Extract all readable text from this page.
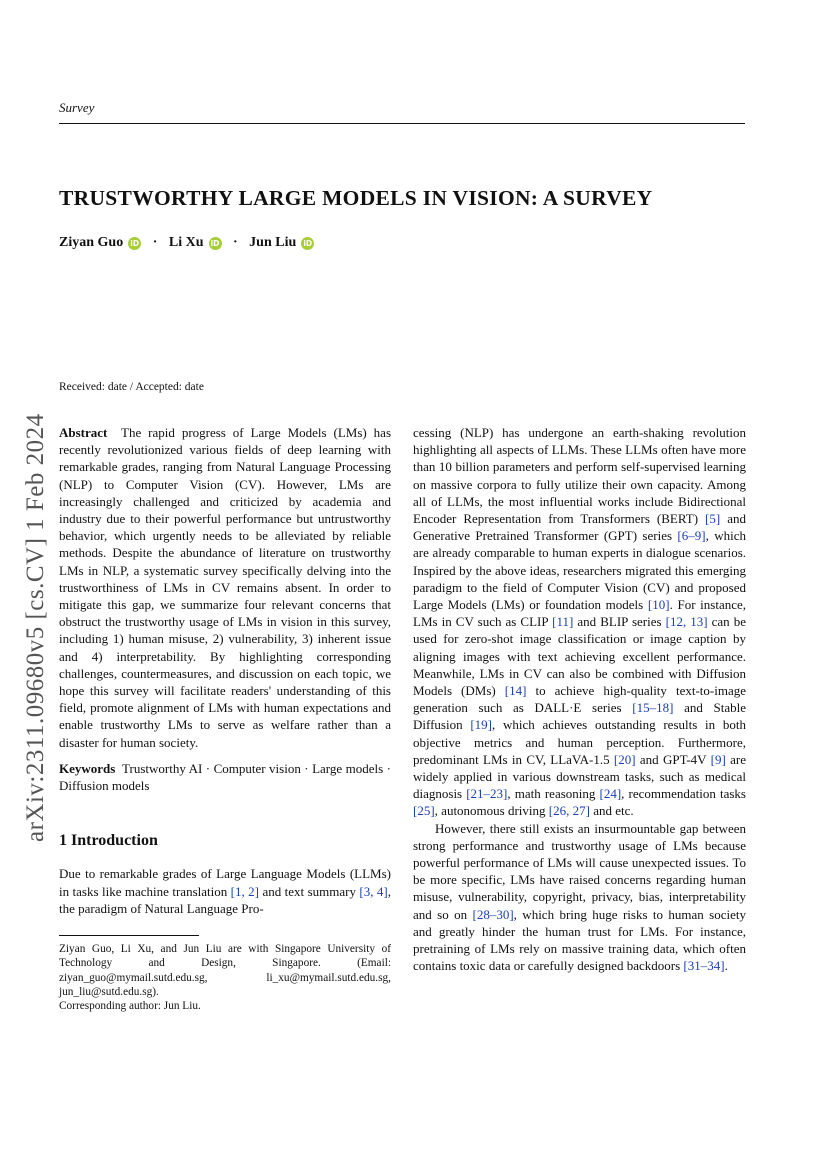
Survey
TRUSTWORTHY LARGE MODELS IN VISION: A SURVEY
Ziyan Guo iD · Li Xu iD · Jun Liu iD
arXiv:2311.09680v5 [cs.CV] 1 Feb 2024
Received: date / Accepted: date

Abstract The rapid progress of Large Models (LMs) has recently revolutionized various fields of deep learning with remarkable grades, ranging from Natural Language Processing (NLP) to Computer Vision (CV). However, LMs are increasingly challenged and criticized by academia and industry due to their powerful performance but untrustworthy behavior, which urgently needs to be alleviated by reliable methods. Despite the abundance of literature on trustworthy LMs in NLP, a systematic survey specifically delving into the trustworthiness of LMs in CV remains absent. In order to mitigate this gap, we summarize four relevant concerns that obstruct the trustworthy usage of LMs in vision in this survey, including 1) human misuse, 2) vulnerability, 3) inherent issue and 4) interpretability. By highlighting corresponding challenges, countermeasures, and discussion on each topic, we hope this survey will facilitate readers' understanding of this field, promote alignment of LMs with human expectations and enable trustworthy LMs to serve as welfare rather than a disaster for human society.

Keywords Trustworthy AI · Computer vision · Large models · Diffusion models

1 Introduction

Due to remarkable grades of Large Language Models (LLMs) in tasks like machine translation [1, 2] and text summary [3, 4], the paradigm of Natural Language Pro-

Ziyan Guo, Li Xu, and Jun Liu are with Singapore University of Technology and Design, Singapore. (Email: ziyan_guo@mymail.sutd.edu.sg, li_xu@mymail.sutd.edu.sg, jun_liu@sutd.edu.sg).

Corresponding author: Jun Liu.

cessing (NLP) has undergone an earth-shaking revolution highlighting all aspects of LLMs. These LLMs often have more than 10 billion parameters and perform self-supervised learning on massive corpora to fully utilize their own capacity. Among all of LLMs, the most influential works include Bidirectional Encoder Representation from Transformers (BERT) [5] and Generative Pretrained Transformer (GPT) series [6–9], which are already comparable to human experts in dialogue scenarios. Inspired by the above ideas, researchers migrated this emerging paradigm to the field of Computer Vision (CV) and proposed Large Models (LMs) or foundation models [10]. For instance, LMs in CV such as CLIP [11] and BLIP series [12, 13] can be used for zero-shot image classification or image caption by aligning images with text achieving excellent performance. Meanwhile, LMs in CV can also be combined with Diffusion Models (DMs) [14] to achieve high-quality text-to-image generation such as DALL·E series [15–18] and Stable Diffusion [19], which achieves outstanding results in both objective metrics and human perception. Furthermore, predominant LMs in CV, LLaVA-1.5 [20] and GPT-4V [9] are widely applied in various downstream tasks, such as medical diagnosis [21–23], math reasoning [24], recommendation tasks [25], autonomous driving [26, 27] and etc.

However, there still exists an insurmountable gap between strong performance and trustworthy usage of LMs because powerful performance of LMs will cause unexpected issues. To be more specific, LMs have raised concerns regarding human misuse, vulnerability, copyright, privacy, bias, interpretability and so on [28–30], which bring huge risks to human society and greatly hinder the human trust for LMs. For instance, pretraining of LMs rely on massive training data, which often contains toxic data or carefully designed backdoors [31–34].
